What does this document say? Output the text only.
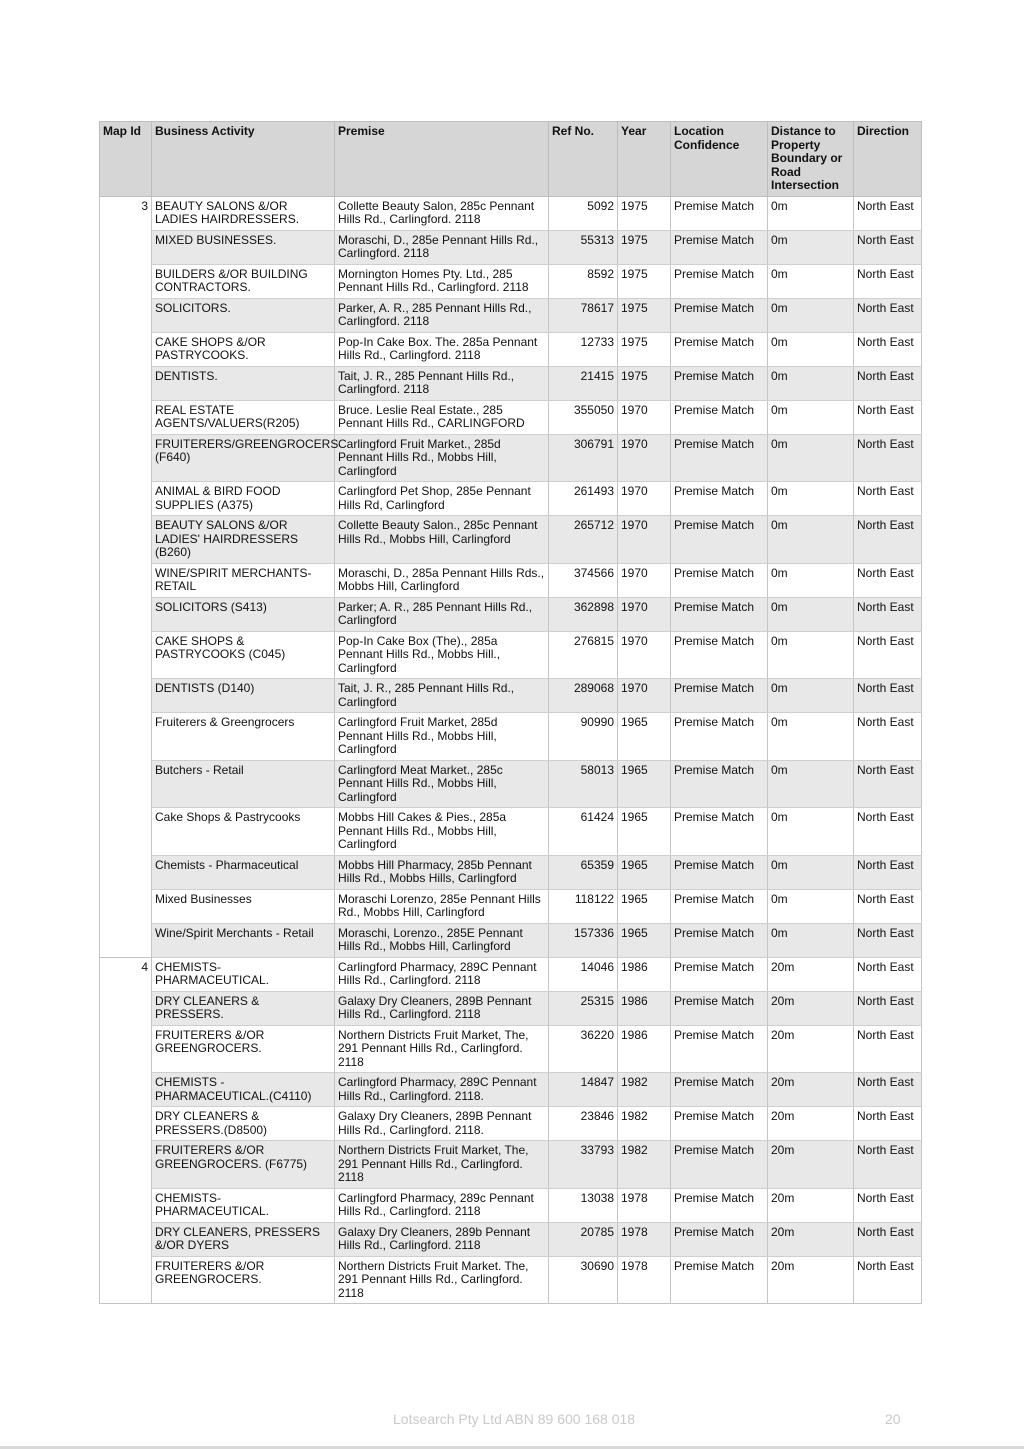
Map Id	Business Activity	Premise	Ref No.	Year	Location Confidence	Distance to Property Boundary or Road Intersection	Direction
3	BEAUTY SALONS &/OR LADIES HAIRDRESSERS.	Collette Beauty Salon, 285c Pennant Hills Rd., Carlingford. 2118	5092	1975	Premise Match	0m	North East
	MIXED BUSINESSES.	Moraschi, D., 285e Pennant Hills Rd., Carlingford. 2118	55313	1975	Premise Match	0m	North East
	BUILDERS &/OR BUILDING CONTRACTORS.	Mornington Homes Pty. Ltd., 285 Pennant Hills Rd., Carlingford. 2118	8592	1975	Premise Match	0m	North East
	SOLICITORS.	Parker, A. R., 285 Pennant Hills Rd., Carlingford. 2118	78617	1975	Premise Match	0m	North East
	CAKE SHOPS &/OR PASTRYCOOKS.	Pop-In Cake Box. The. 285a Pennant Hills Rd., Carlingford. 2118	12733	1975	Premise Match	0m	North East
	DENTISTS.	Tait, J. R., 285 Pennant Hills Rd., Carlingford. 2118	21415	1975	Premise Match	0m	North East
	REAL ESTATE AGENTS/VALUERS(R205)	Bruce. Leslie Real Estate., 285 Pennant Hills Rd., CARLINGFORD	355050	1970	Premise Match	0m	North East
	FRUITERERS/GREENGROCERS (F640)	Carlingford Fruit Market., 285d Pennant Hills Rd., Mobbs Hill, Carlingford	306791	1970	Premise Match	0m	North East
	ANIMAL & BIRD FOOD SUPPLIES (A375)	Carlingford Pet Shop, 285e Pennant Hills Rd, Carlingford	261493	1970	Premise Match	0m	North East
	BEAUTY SALONS &/OR LADIES' HAIRDRESSERS (B260)	Collette Beauty Salon., 285c Pennant Hills Rd., Mobbs Hill, Carlingford	265712	1970	Premise Match	0m	North East
	WINE/SPIRIT MERCHANTS-RETAIL	Moraschi, D., 285a Pennant Hills Rds., Mobbs Hill, Carlingford	374566	1970	Premise Match	0m	North East
	SOLICITORS (S413)	Parker; A. R., 285 Pennant Hills Rd., Carlingford	362898	1970	Premise Match	0m	North East
	CAKE SHOPS & PASTRYCOOKS (C045)	Pop-In Cake Box (The)., 285a Pennant Hills Rd., Mobbs Hill., Carlingford	276815	1970	Premise Match	0m	North East
	DENTISTS (D140)	Tait, J. R., 285 Pennant Hills Rd., Carlingford	289068	1970	Premise Match	0m	North East
	Fruiterers & Greengrocers	Carlingford Fruit Market, 285d Pennant Hills Rd., Mobbs Hill, Carlingford	90990	1965	Premise Match	0m	North East
	Butchers - Retail	Carlingford Meat Market., 285c Pennant Hills Rd., Mobbs Hill, Carlingford	58013	1965	Premise Match	0m	North East
	Cake Shops & Pastrycooks	Mobbs Hill Cakes & Pies., 285a Pennant Hills Rd., Mobbs Hill, Carlingford	61424	1965	Premise Match	0m	North East
	Chemists - Pharmaceutical	Mobbs Hill Pharmacy, 285b Pennant Hills Rd., Mobbs Hills, Carlingford	65359	1965	Premise Match	0m	North East
	Mixed Businesses	Moraschi Lorenzo, 285e Pennant Hills Rd., Mobbs Hill, Carlingford	118122	1965	Premise Match	0m	North East
	Wine/Spirit Merchants - Retail	Moraschi, Lorenzo., 285E Pennant Hills Rd., Mobbs Hill, Carlingford	157336	1965	Premise Match	0m	North East
4	CHEMISTS-PHARMACEUTICAL.	Carlingford Pharmacy, 289C Pennant Hills Rd., Carlingford. 2118	14046	1986	Premise Match	20m	North East
	DRY CLEANERS & PRESSERS.	Galaxy Dry Cleaners, 289B Pennant Hills Rd., Carlingford. 2118	25315	1986	Premise Match	20m	North East
	FRUITERERS &/OR GREENGROCERS.	Northern Districts Fruit Market, The, 291 Pennant Hills Rd., Carlingford. 2118	36220	1986	Premise Match	20m	North East
	CHEMISTS - PHARMACEUTICAL.(C4110)	Carlingford Pharmacy, 289C Pennant Hills Rd., Carlingford. 2118.	14847	1982	Premise Match	20m	North East
	DRY CLEANERS & PRESSERS.(D8500)	Galaxy Dry Cleaners, 289B Pennant Hills Rd., Carlingford. 2118.	23846	1982	Premise Match	20m	North East
	FRUITERERS &/OR GREENGROCERS. (F6775)	Northern Districts Fruit Market, The, 291 Pennant Hills Rd., Carlingford. 2118	33793	1982	Premise Match	20m	North East
	CHEMISTS-PHARMACEUTICAL.	Carlingford Pharmacy, 289c Pennant Hills Rd., Carlingford. 2118	13038	1978	Premise Match	20m	North East
	DRY CLEANERS, PRESSERS &/OR DYERS	Galaxy Dry Cleaners, 289b Pennant Hills Rd., Carlingford. 2118	20785	1978	Premise Match	20m	North East
	FRUITERERS &/OR GREENGROCERS.	Northern Districts Fruit Market. The, 291 Pennant Hills Rd., Carlingford. 2118	30690	1978	Premise Match	20m	North East
Lotsearch Pty Ltd ABN 89 600 168 018	20
